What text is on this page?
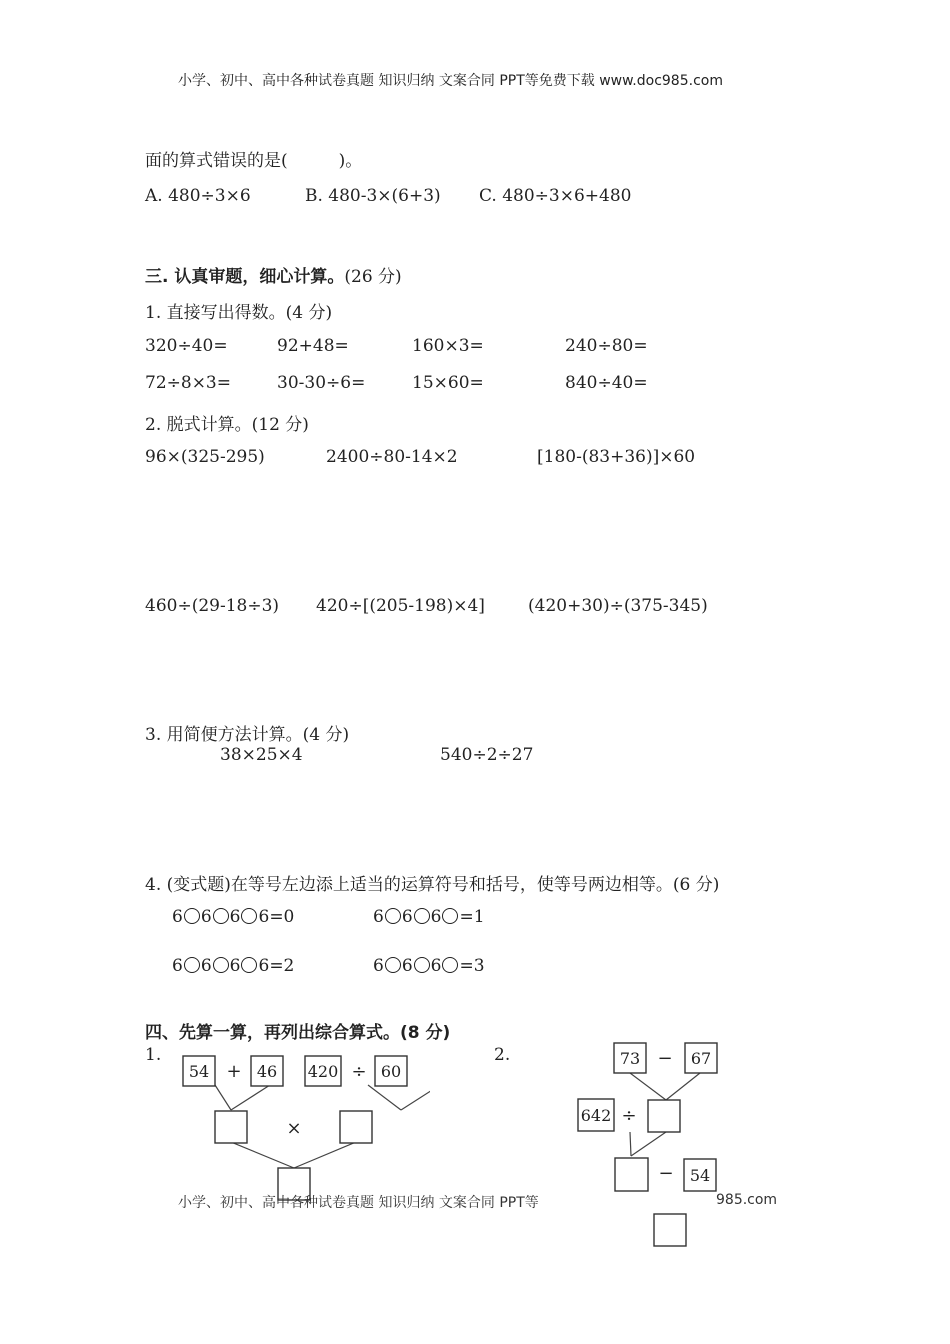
小学、初中、高中各种试卷真题 知识归纳 文案合同 PPT等免费下载 www.doc985.com
面的算式错误的是(　　　)。
A. 480÷3×6	B. 480-3×(6+3) C. 480÷3×6+480
三. 认真审题，细心计算。(26 分)
1. 直接写出得数。(4 分)
320÷40=	92+48=	160×3=	240÷80=
72÷8×3=	30-30÷6=	15×60=	840÷40=
2. 脱式计算。(12 分)
96×(325-295)	2400÷80-14×2	[180-(83+36)]×60
460÷(29-18÷3) 420÷[(205-198)×4]	(420+30)÷(375-345)
3. 用简便方法计算。(4 分)
38×25×4	540÷2÷27
4. (变式题)在等号左边添上适当的运算符号和括号，使等号两边相等。(6 分)
6 6 6 6=0	6 6 6 =1
6 6 6 6=2	6 6 6 =3
四、先算一算，再列出综合算式。(8 分)
1.	2.
54 + 46 420 ÷ 60
×
小学、初中、高中各种试卷真题 知识归纳 文案合同 PPT等	985.com
73 − 67
642 ÷
− 54
